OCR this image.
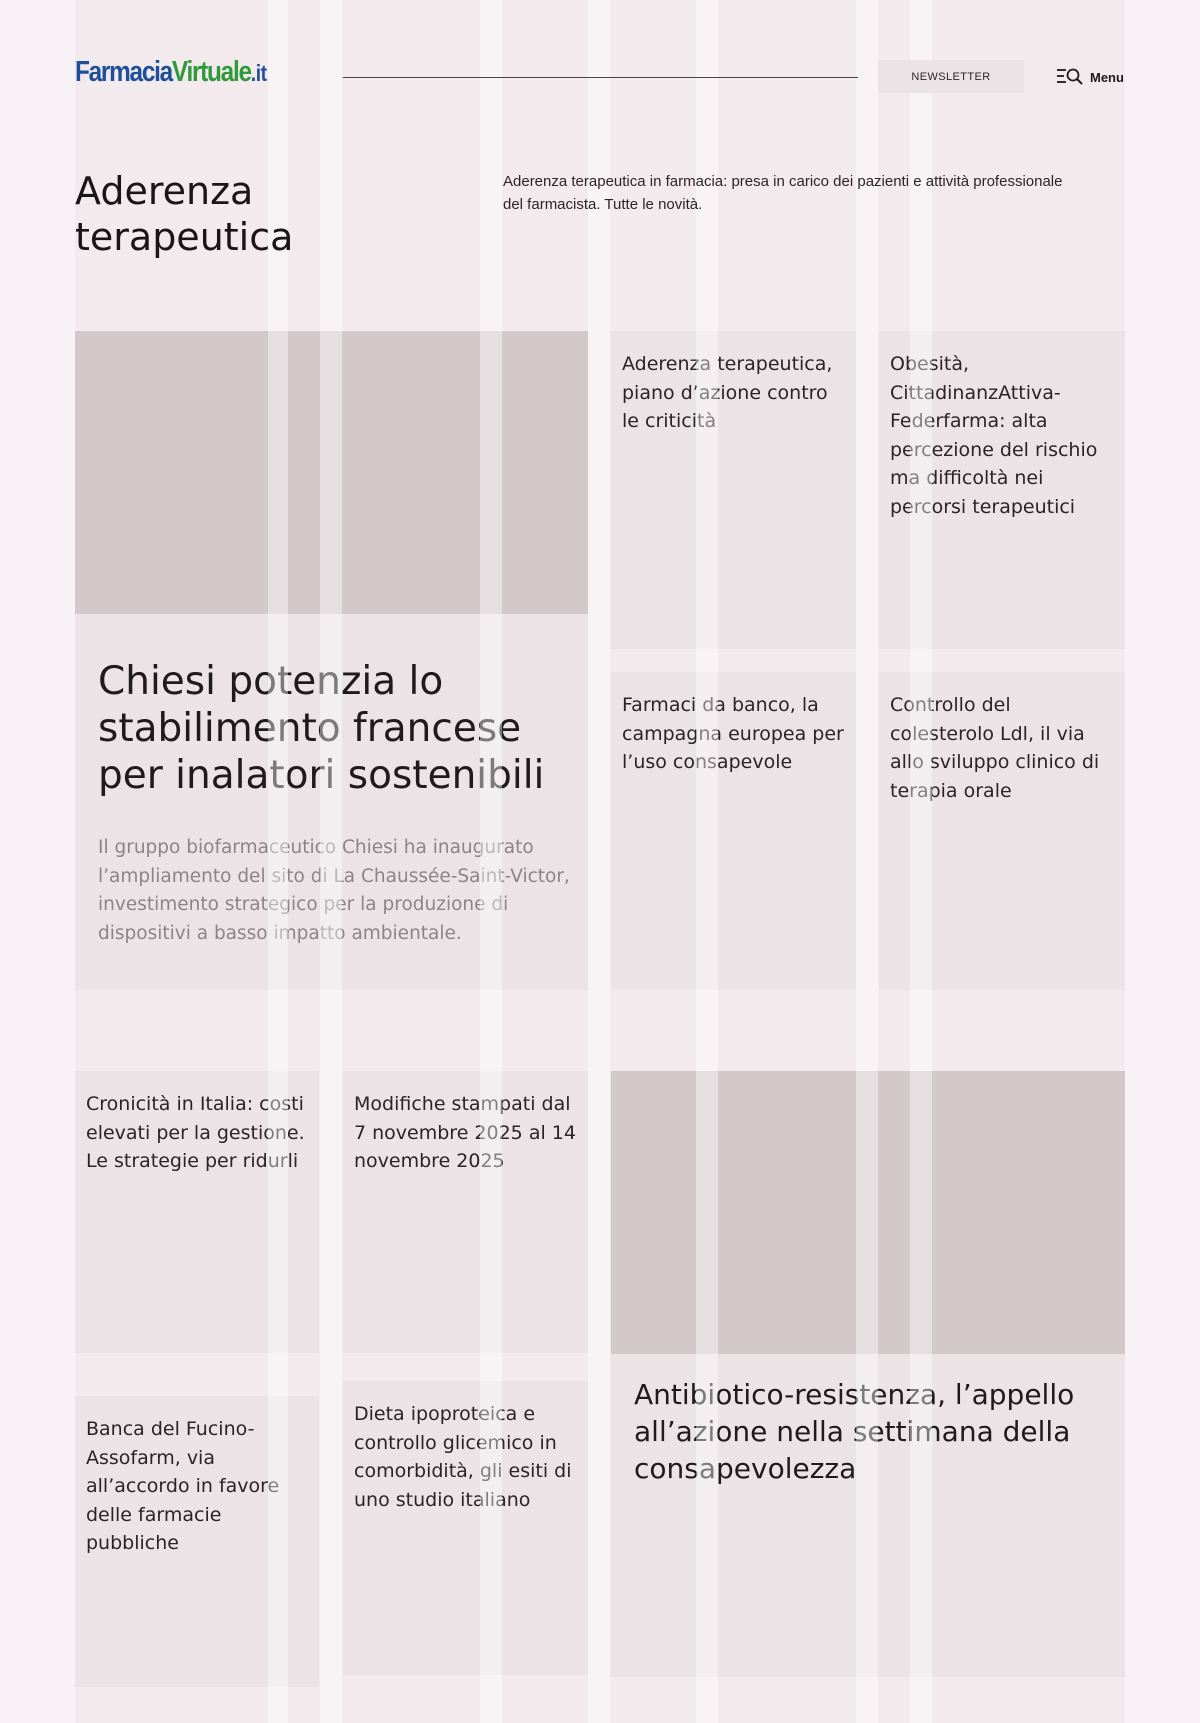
FarmaciaVirtuale.it	NEWSLETTER	Menu
Aderenza terapeutica

Aderenza terapeutica in farmacia: presa in carico dei pazienti e attività professionale del farmacista. Tutte le novità.

Chiesi potenzia lo stabilimento francese per inalatori sostenibili

Il gruppo biofarmaceutico Chiesi ha inaugurato l’ampliamento del sito di La Chaussée-Saint-Victor, investimento strategico per la produzione di dispositivi a basso impatto ambientale.

Aderenza terapeutica, piano d’azione contro le criticità
Obesità, CittadinanzAttiva-Federfarma: alta percezione del rischio ma difficoltà nei percorsi terapeutici
Farmaci da banco, la campagna europea per l’uso consapevole
Controllo del colesterolo Ldl, il via allo sviluppo clinico di terapia orale
Cronicità in Italia: costi elevati per la gestione. Le strategie per ridurli
Modifiche stampati dal 7 novembre 2025 al 14 novembre 2025
Banca del Fucino-Assofarm, via all’accordo in favore delle farmacie pubbliche
Dieta ipoproteica e controllo glicemico in comorbidità, gli esiti di uno studio italiano
Antibiotico-resistenza, l’appello all’azione nella settimana della consapevolezza
